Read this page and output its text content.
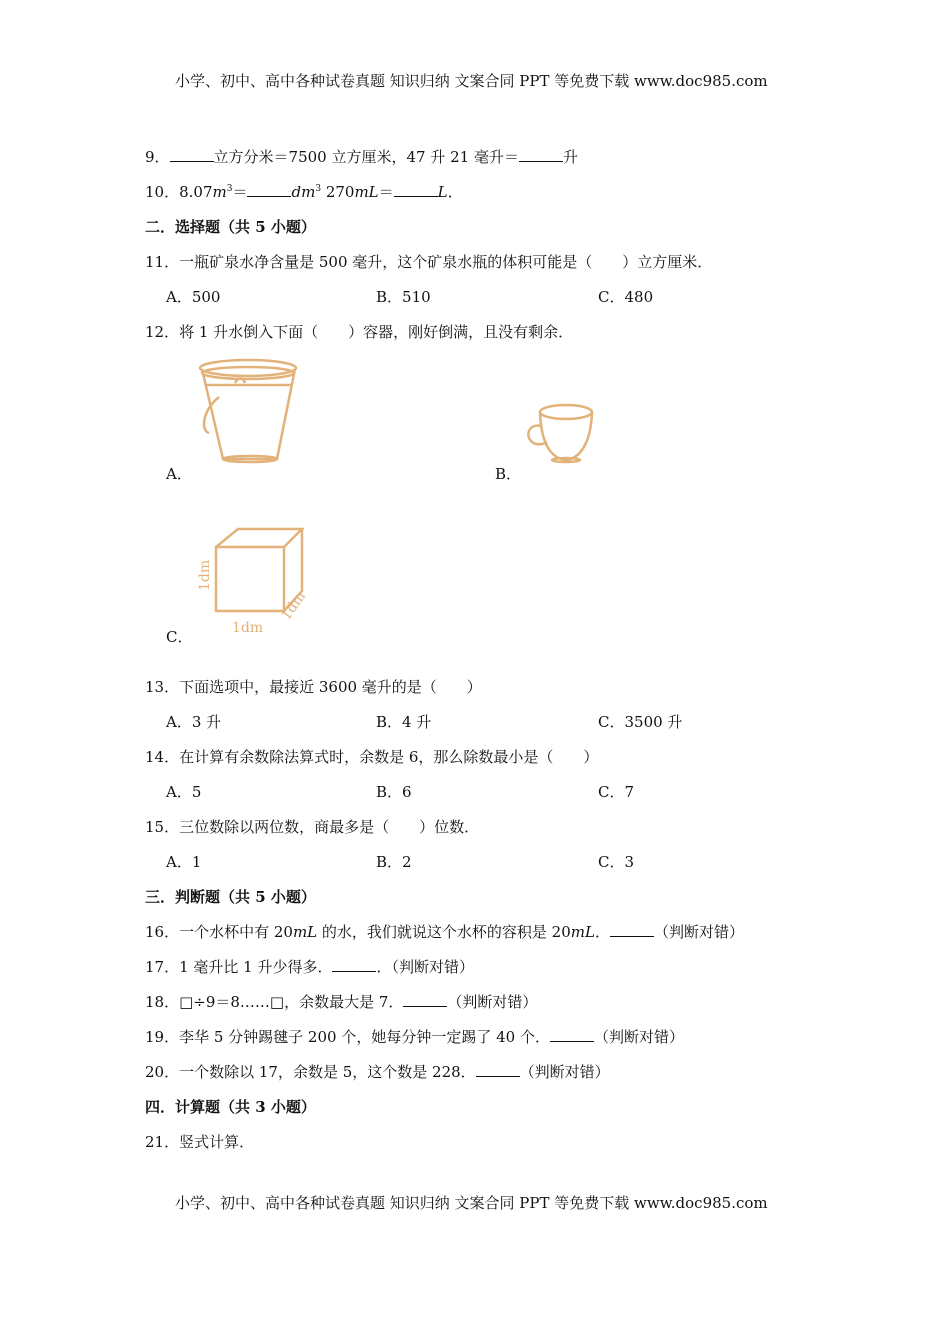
小学、初中、高中各种试卷真题 知识归纳 文案合同 PPT 等免费下载 www.doc985.com
9．	立方分米＝7500 立方厘米，47 升 21 毫升＝	升
10．$8.07m^3=$	$dm^3$ 270mL＝	L．
二．选择题（共 5 小题）
11．一瓶矿泉水净含量是 500 毫升，这个矿泉水瓶的体积可能是（　　）立方厘米．
A．500	B．510	C．480
12．将 1 升水倒入下面（　　）容器，刚好倒满，且没有剩余．
A．	B．
1dm
1dm
1dm
C．
13．下面选项中，最接近 3600 毫升的是（　　）
A．3 升	B．4 升	C．3500 升
14．在计算有余数除法算式时，余数是 6，那么除数最小是（　　）
A．5	B．6	C．7
15．三位数除以两位数，商最多是（　　）位数．
A．1	B．2	C．3
三．判断题（共 5 小题）
16．一个水杯中有 20mL 的水，我们就说这个水杯的容积是 20mL．	（判断对错）
17．1 毫升比 1 升少得多．	．（判断对错）
18．□÷9＝8……□，余数最大是 7．	（判断对错）
19．李华 5 分钟踢毽子 200 个，她每分钟一定踢了 40 个．	（判断对错）
20．一个数除以 17，余数是 5，这个数是 228．	（判断对错）
四．计算题（共 3 小题）
21．竖式计算．
小学、初中、高中各种试卷真题 知识归纳 文案合同 PPT 等免费下载 www.doc985.com
